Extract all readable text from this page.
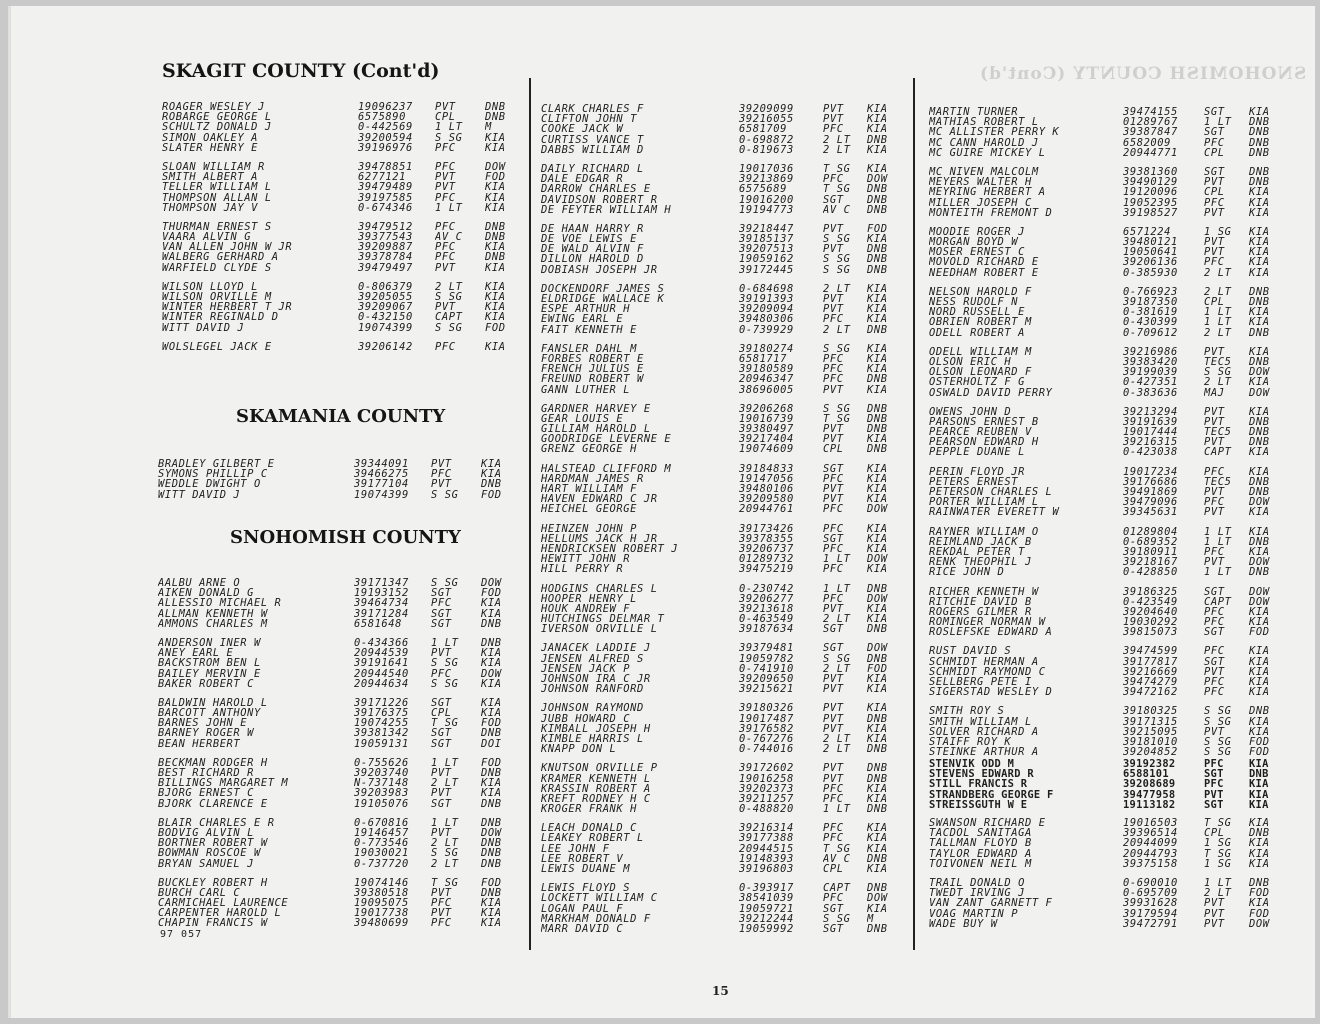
SNOHOMISH COUNTY (Cont'd)
SKAGIT COUNTY (Cont'd)
SKAMANIA COUNTY
SNOHOMISH COUNTY
ROAGER WESLEY J	19096237	PVT	DNB
ROBARGE GEORGE L	6575890	CPL	DNB
SCHULTZ DONALD J	0-442569	1 LT	M
SIMON OAKLEY A	39200594	S SG	KIA
SLATER HENRY E	39196976	PFC	KIA
SLOAN WILLIAM R	39478851	PFC	DOW
SMITH ALBERT A	6277121	PVT	FOD
TELLER WILLIAM L	39479489	PVT	KIA
THOMPSON ALLAN L	39197585	PFC	KIA
THOMPSON JAY V	0-674346	1 LT	KIA
THURMAN ERNEST S	39479512	PFC	DNB
VAARA ALVIN G	39377543	AV C	DNB
VAN ALLEN JOHN W JR	39209887	PFC	KIA
WALBERG GERHARD A	39378784	PFC	DNB
WARFIELD CLYDE S	39479497	PVT	KIA
WILSON LLOYD L	0-806379	2 LT	KIA
WILSON ORVILLE M	39205055	S SG	KIA
WINTER HERBERT T JR	39209067	PVT	KIA
WINTER REGINALD D	0-432150	CAPT	KIA
WITT DAVID J	19074399	S SG	FOD
WOLSLEGEL JACK E	39206142	PFC	KIA
BRADLEY GILBERT E	39344091	PVT	KIA
SYMONS PHILLIP C	39466275	PFC	KIA
WEDDLE DWIGHT O	39177104	PVT	DNB
WITT DAVID J	19074399	S SG	FOD
AALBU ARNE O	39171347	S SG	DOW
AIKEN DONALD G	19193152	SGT	FOD
ALLESSIO MICHAEL R	39464734	PFC	KIA
ALLMAN KENNETH W	39171284	SGT	KIA
AMMONS CHARLES M	6581648	SGT	DNB
ANDERSON INER W	0-434366	1 LT	DNB
ANEY EARL E	20944539	PVT	KIA
BACKSTROM BEN L	39191641	S SG	KIA
BAILEY MERVIN E	20944540	PFC	DOW
BAKER ROBERT C	20944634	S SG	KIA
BALDWIN HAROLD L	39171226	SGT	KIA
BARCOTT ANTHONY	39176375	CPL	KIA
BARNES JOHN E	19074255	T SG	FOD
BARNEY ROGER W	39381342	SGT	DNB
BEAN HERBERT	19059131	SGT	DOI
BECKMAN RODGER H	0-755626	1 LT	FOD
BEST RICHARD R	39203740	PVT	DNB
BILLINGS MARGARET M	N-737148	2 LT	KIA
BJORG ERNEST C	39203983	PVT	KIA
BJORK CLARENCE E	19105076	SGT	DNB
BLAIR CHARLES E R	0-670816	1 LT	DNB
BODVIG ALVIN L	19146457	PVT	DOW
BORTNER ROBERT W	0-773546	2 LT	DNB
BOWMAN ROSCOE W	19030021	S SG	DNB
BRYAN SAMUEL J	0-737720	2 LT	DNB
BUCKLEY ROBERT H	19074146	T SG	FOD
BURCH CARL C	39380518	PVT	DNB
CARMICHAEL LAURENCE	19095075	PFC	KIA
CARPENTER HAROLD L	19017738	PVT	KIA
CHAPIN FRANCIS W	39480699	PFC	KIA
CLARK CHARLES F	39209099	PVT	KIA
CLIFTON JOHN T	39216055	PVT	KIA
COOKE JACK W	6581709	PFC	KIA
CURTISS VANCE T	0-698872	2 LT	DNB
DABBS WILLIAM D	0-819673	2 LT	KIA
DAILY RICHARD L	19017036	T SG	KIA
DALE EDGAR R	39213869	PFC	DOW
DARROW CHARLES E	6575689	T SG	DNB
DAVIDSON ROBERT R	19016200	SGT	DNB
DE FEYTER WILLIAM H	19194773	AV C	DNB
DE HAAN HARRY R	39218447	PVT	FOD
DE VOE LEWIS E	39185137	S SG	KIA
DE WALD ALVIN F	39207513	PVT	DNB
DILLON HAROLD D	19059162	S SG	DNB
DOBIASH JOSEPH JR	39172445	S SG	DNB
DOCKENDORF JAMES S	0-684698	2 LT	KIA
ELDRIDGE WALLACE K	39191393	PVT	KIA
ESPE ARTHUR H	39209094	PVT	KIA
EWING EARL E	39480306	PFC	KIA
FAIT KENNETH E	0-739929	2 LT	DNB
FANSLER DAHL M	39180274	S SG	KIA
FORBES ROBERT E	6581717	PFC	KIA
FRENCH JULIUS E	39180589	PFC	KIA
FREUND ROBERT W	20946347	PFC	DNB
GANN LUTHER L	38696005	PVT	KIA
GARDNER HARVEY E	39206268	S SG	DNB
GEAR LOUIS E	19016739	T SG	DNB
GILLIAM HAROLD L	39380497	PVT	DNB
GOODRIDGE LEVERNE E	39217404	PVT	KIA
GRENZ GEORGE H	19074609	CPL	DNB
HALSTEAD CLIFFORD M	39184833	SGT	KIA
HARDMAN JAMES R	19147056	PFC	KIA
HART WILLIAM F	39480106	PVT	KIA
HAVEN EDWARD C JR	39209580	PVT	KIA
HEICHEL GEORGE	20944761	PFC	DOW
HEINZEN JOHN P	39173426	PFC	KIA
HELLUMS JACK H JR	39378355	SGT	KIA
HENDRICKSEN ROBERT J	39206737	PFC	KIA
HEWITT JOHN R	01289732	1 LT	DOW
HILL PERRY R	39475219	PFC	KIA
HODGINS CHARLES L	0-230742	1 LT	DNB
HOOPER HENRY L	39206277	PFC	DOW
HOUK ANDREW F	39213618	PVT	KIA
HUTCHINGS DELMAR T	0-463549	2 LT	KIA
IVERSON ORVILLE L	39187634	SGT	DNB
JANACEK LADDIE J	39379481	SGT	DOW
JENSEN ALFRED S	19059782	S SG	DNB
JENSEN JACK P	0-741910	2 LT	FOD
JOHNSON IRA C JR	39209650	PVT	KIA
JOHNSON RANFORD	39215621	PVT	KIA
JOHNSON RAYMOND	39180326	PVT	KIA
JUBB HOWARD C	19017487	PVT	DNB
KIMBALL JOSEPH H	39176582	PVT	KIA
KIMBLE HARRIS L	0-767276	2 LT	KIA
KNAPP DON L	0-744016	2 LT	DNB
KNUTSON ORVILLE P	39172602	PVT	DNB
KRAMER KENNETH L	19016258	PVT	DNB
KRASSIN ROBERT A	39202373	PFC	KIA
KREFT RODNEY H C	39211257	PFC	KIA
KROGER FRANK H	0-488820	1 LT	DNB
LEACH DONALD C	39216314	PFC	KIA
LEAKEY ROBERT L	39177388	PFC	KIA
LEE JOHN F	20944515	T SG	KIA
LEE ROBERT V	19148393	AV C	DNB
LEWIS DUANE M	39196803	CPL	KIA
LEWIS FLOYD S	0-393917	CAPT	DNB
LOCKETT WILLIAM C	38541039	PFC	DOW
LOGAN PAUL F	19059721	SGT	KIA
MARKHAM DONALD F	39212244	S SG	M
MARR DAVID C	19059992	SGT	DNB
MARTIN TURNER	39474155	SGT	KIA
MATHIAS ROBERT L	01289767	1 LT	DNB
MC ALLISTER PERRY K	39387847	SGT	DNB
MC CANN HAROLD J	6582009	PFC	DNB
MC GUIRE MICKEY L	20944771	CPL	DNB
MC NIVEN MALCOLM	39381360	SGT	DNB
MEYERS WALTER H	39490129	PVT	DNB
MEYRING HERBERT A	19120096	CPL	KIA
MILLER JOSEPH C	19052395	PFC	KIA
MONTEITH FREMONT D	39198527	PVT	KIA
MOODIE ROGER J	6571224	1 SG	KIA
MORGAN BOYD W	39480121	PVT	KIA
MOSER ERNEST C	19050641	PVT	KIA
MOVOLD RICHARD E	39206136	PFC	KIA
NEEDHAM ROBERT E	0-385930	2 LT	KIA
NELSON HAROLD F	0-766923	2 LT	DNB
NESS RUDOLF N	39187350	CPL	DNB
NORD RUSSELL E	0-381619	1 LT	KIA
OBRIEN ROBERT M	0-430399	1 LT	KIA
ODELL ROBERT A	0-709612	2 LT	DNB
ODELL WILLIAM M	39216986	PVT	KIA
OLSON ERIC H	39383420	TEC5	DNB
OLSON LEONARD F	39199039	S SG	DOW
OSTERHOLTZ F G	0-427351	2 LT	KIA
OSWALD DAVID PERRY	0-383636	MAJ	DOW
OWENS JOHN D	39213294	PVT	KIA
PARSONS ERNEST B	39191639	PVT	DNB
PEARCE REUBEN V	19017444	TEC5	DNB
PEARSON EDWARD H	39216315	PVT	DNB
PEPPLE DUANE L	0-423038	CAPT	KIA
PERIN FLOYD JR	19017234	PFC	KIA
PETERS ERNEST	39176686	TEC5	DNB
PETERSON CHARLES L	39491869	PVT	DNB
PORTER WILLIAM L	39479096	PFC	DOW
RAINWATER EVERETT W	39345631	PVT	KIA
RAYNER WILLIAM O	01289804	1 LT	KIA
REIMLAND JACK B	0-689352	1 LT	DNB
REKDAL PETER T	39180911	PFC	KIA
RENK THEOPHIL J	39218167	PVT	DOW
RICE JOHN D	0-428850	1 LT	DNB
RICHER KENNETH W	39186325	SGT	DOW
RITCHIE DAVID B	0-423549	CAPT	DOW
ROGERS GILMER R	39204640	PFC	KIA
ROMINGER NORMAN W	19030292	PFC	KIA
ROSLEFSKE EDWARD A	39815073	SGT	FOD
RUST DAVID S	39474599	PFC	KIA
SCHMIDT HERMAN A	39177817	SGT	KIA
SCHMIDT RAYMOND C	39216669	PVT	KIA
SELLBERG PETE I	39474279	PFC	KIA
SIGERSTAD WESLEY D	39472162	PFC	KIA
SMITH ROY S	39180325	S SG	DNB
SMITH WILLIAM L	39171315	S SG	KIA
SOLVER RICHARD A	39215095	PVT	KIA
STAIFF ROY K	39181010	S SG	FOD
STEINKE ARTHUR A	39204852	S SG	FOD
STENVIK ODD M	39192382	PFC	KIA
STEVENS EDWARD R	6588101	SGT	DNB
STILL FRANCIS R	39208689	PFC	KIA
STRANDBERG GEORGE F	39477958	PVT	KIA
STREISSGUTH W E	19113182	SGT	KIA
SWANSON RICHARD E	19016503	T SG	KIA
TACDOL SANITAGA	39396514	CPL	DNB
TALLMAN FLOYD B	20944099	1 SG	KIA
TAYLOR EDWARD A	20944793	T SG	KIA
TOIVONEN NEIL M	39375158	1 SG	KIA
TRAIL DONALD O	0-690010	1 LT	DNB
TWEDT IRVING J	0-695709	2 LT	FOD
VAN ZANT GARNETT F	39931628	PVT	KIA
VOAG MARTIN P	39179594	PVT	FOD
WADE BUY W	39472791	PVT	DOW
97 057
15
